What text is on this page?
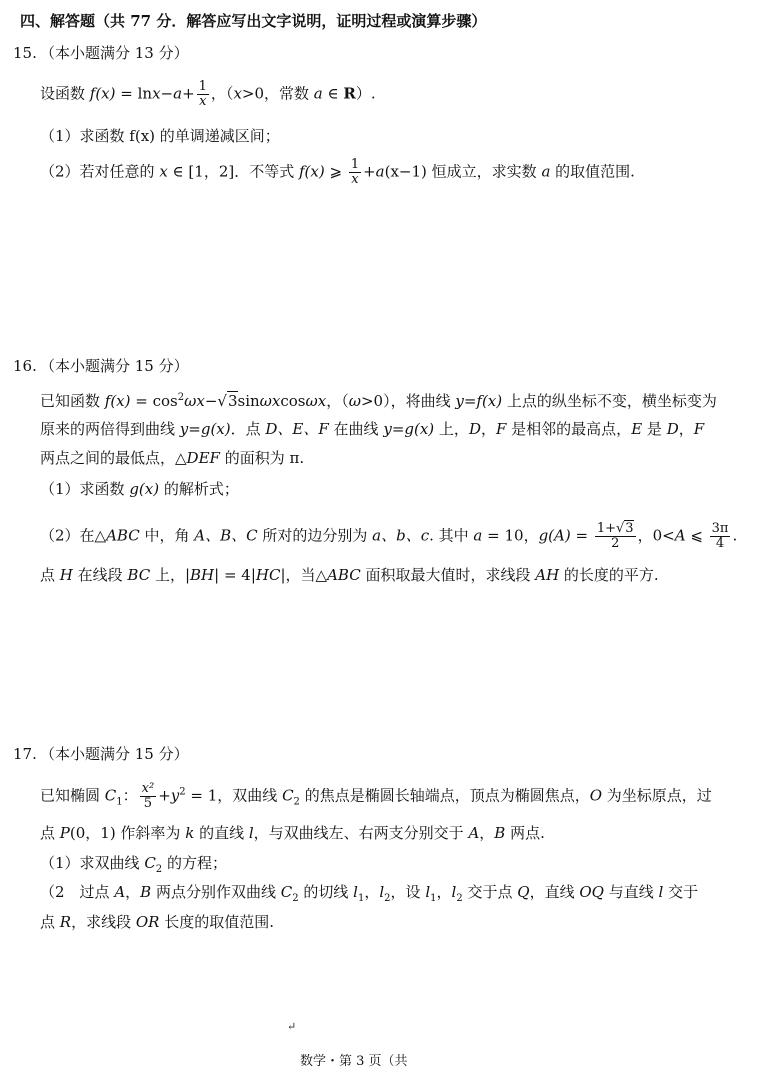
四、解答题（共 77 分．解答应写出文字说明，证明过程或演算步骤）
15. （本小题满分 13 分）
设函数 $f(x) = \ln x-a+ \frac{1}{x}$ ，（x>0，常数 a ∈ R）.
（1）求函数 f(x) 的单调递减区间；
（2）若对任意的 x ∈ [1，2]．不等式 f(x) ⩾ $\frac{1}{x} +a(x-1)$ 恒成立，求实数 a 的取值范围.
16. （本小题满分 15 分）
已知函数 $f(x) = \cos^2\omega x-√3\sin\omega xcos\omega x$，（ω>0），将曲线 y=f(x) 上点的纵坐标不变，横坐标变为
原来的两倍得到曲线 y=g(x)．点 D、E、F 在曲线 y=g(x) 上，D，F 是相邻的最高点，E 是 D，F
两点之间的最低点，△DEF 的面积为 π.
（1）求函数 g(x) 的解析式；
（2）在△ABC 中，角 A、B、C 所对的边分别为 a、b、c. 其中 a = 10，$g(A) = \frac{1+√3}{2}$ ，0<A ⩽ $\frac{3\pi}{4}$ .
点 H 在线段 BC 上，|BH| = 4|HC|，当△ABC 面积取最大值时，求线段 AH 的长度的平方.
17. （本小题满分 15 分）
已知椭圆 $C_1$： $\frac{\text{x²}}{5} +y^2 = 1$，双曲线 $C_2$ 的焦点是椭圆长轴端点，顶点为椭圆焦点，O 为坐标原点，过
点 P(0，1) 作斜率为 k 的直线 l，与双曲线左、右两支分别交于 A，B 两点.
（1）求双曲线 $C_2$ 的方程；
（2　过点 A，B 两点分别作双曲线 $C_2$ 的切线 $l_1$，$l_2$，设 $l_1$，$l_2$ 交于点 Q，直线 OQ 与直线 l 交于
点 R，求线段 OR 长度的取值范围.
↵
数学・第 3 页（共
